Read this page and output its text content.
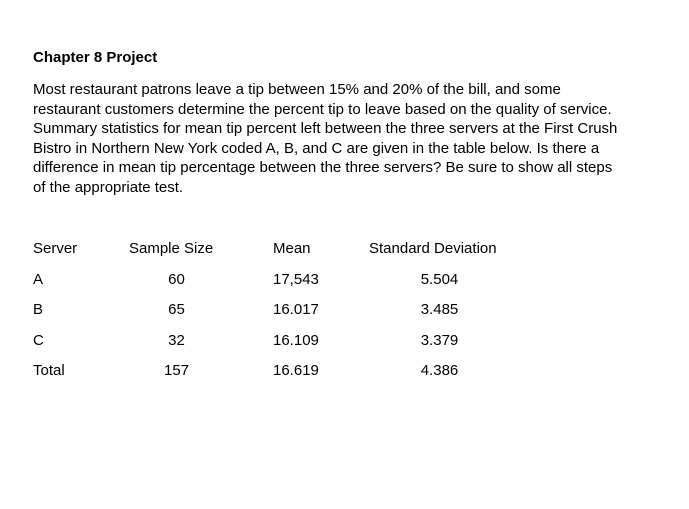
Chapter 8 Project
Most restaurant patrons leave a tip between 15% and 20% of the bill, and some
restaurant customers determine the percent tip to leave based on the quality of service.
Summary statistics for mean tip percent left between the three servers at the First Crush
Bistro in Northern New York coded A, B, and C are given in the table below. Is there a
difference in mean tip percentage between the three servers? Be sure to show all steps
of the appropriate test.
Server	Sample Size	Mean	Standard Deviation
A	60	17,543	5.504
B	65	16.017	3.485
C	32	16.109	3.379
Total	157	16.619	4.386
